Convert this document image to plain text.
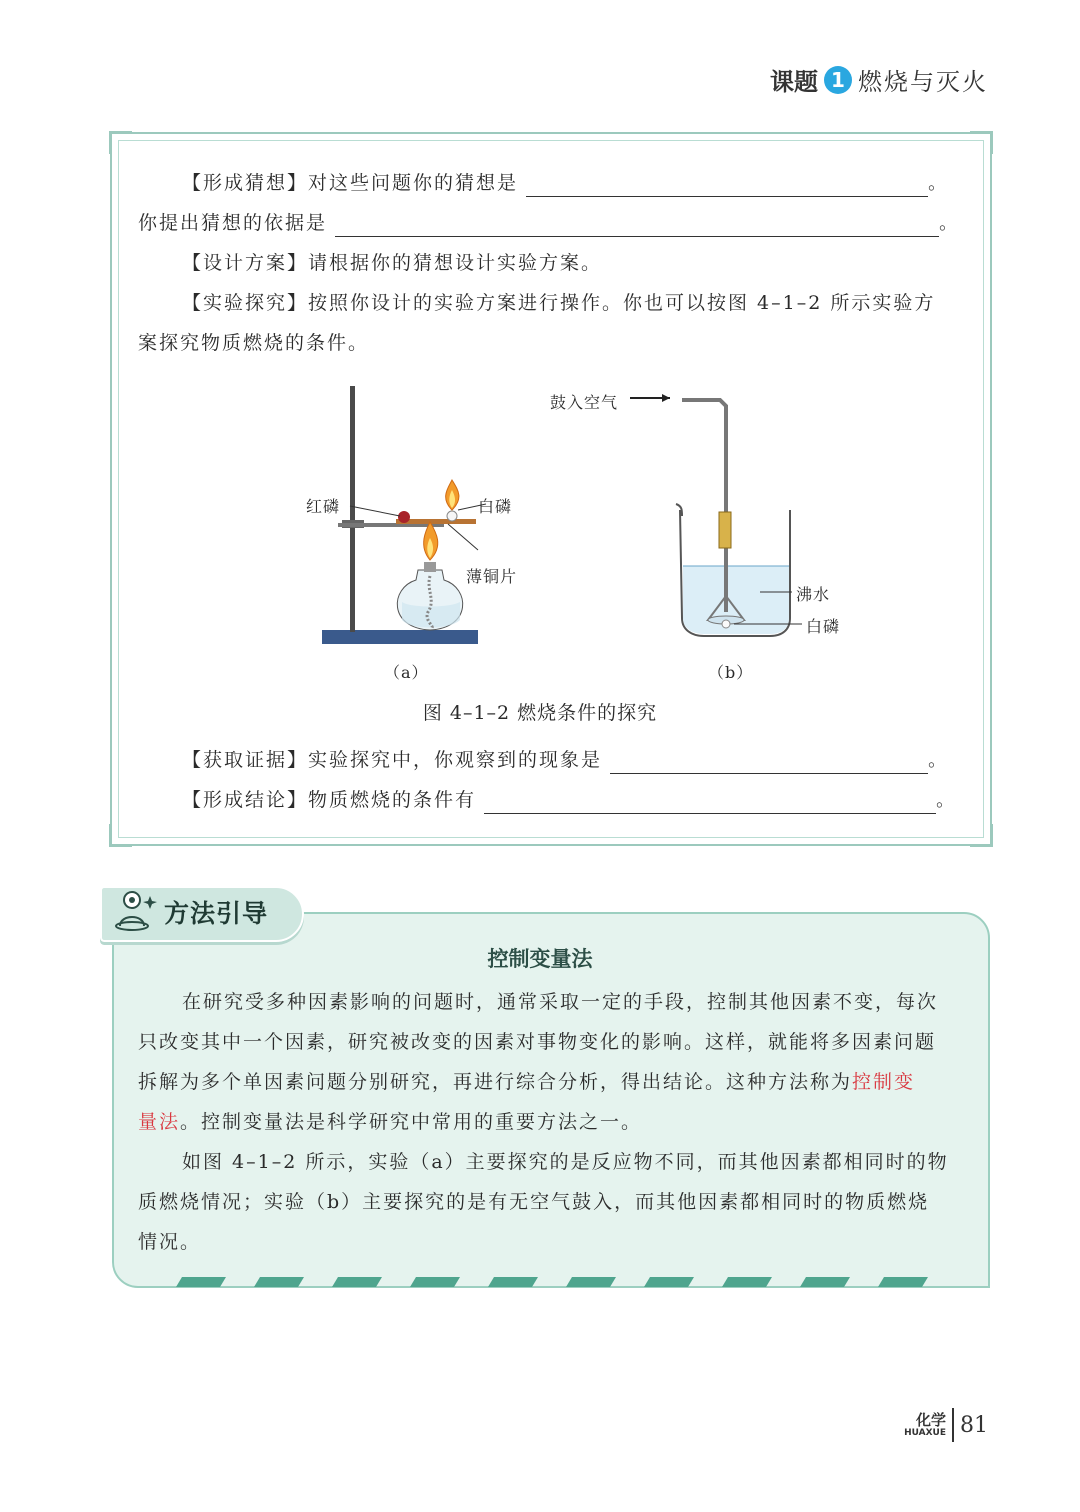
课题 1 燃烧与灭火
【形成猜想】对这些问题你的猜想是	。
你提出猜想的依据是	。
【设计方案】请根据你的猜想设计实验方案。
【实验探究】按照你设计的实验方案进行操作。你也可以按图 4–1–2 所示实验方
案探究物质燃烧的条件。
红磷	白磷
薄铜片
（a）
鼓入空气
沸水
白磷
（b）
图 4–1–2 燃烧条件的探究
【获取证据】实验探究中，你观察到的现象是	。
【形成结论】物质燃烧的条件有	。
方法引导
控制变量法
在研究受多种因素影响的问题时，通常采取一定的手段，控制其他因素不变，每次
只改变其中一个因素，研究被改变的因素对事物变化的影响。这样，就能将多因素问题
拆解为多个单因素问题分别研究，再进行综合分析，得出结论。这种方法称为控制变
量法。控制变量法是科学研究中常用的重要方法之一。
如图 4–1–2 所示，实验（a）主要探究的是反应物不同，而其他因素都相同时的物
质燃烧情况；实验（b）主要探究的是有无空气鼓入，而其他因素都相同时的物质燃烧
情况。
化学
HUAXUE 81
